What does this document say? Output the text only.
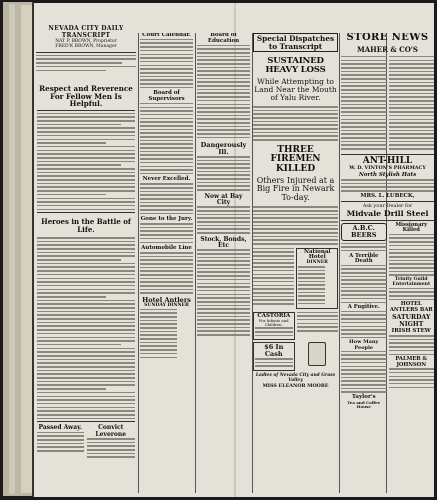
NEVADA CITY DAILY TRANSCRIPT
NAT P. BROWN, Proprietor
FRED'K BROWN, Manager
Respect and Reverence For Fellow Men Is Helpful.
Heroes in the Battle of Life.
Passed Away.	Convict Leverone
Court Calendar.
Board of Supervisors
Never Excelled.
Gone to the Jury.
Automobile Line
Hotel Antlers
SUNDAY DINNER
Board of Education
Dangerously Ill.
Now at Bay City
Stock, Bonds, Etc
Special Dispatches to Transcript
SUSTAINED HEAVY LOSS
While Attempting to Land Near the Mouth of Yalu River.
THREE FIREMEN KILLED
Others Injured at a Big Fire in Newark To-day.
National Hotel
DINNER
CASTORIA
For Infants and Children.
$6 In Cash
Ladies of Nevada City and Grass Valley
MISS ELEANOR MOORE
STORE NEWS
MAHER & CO'S
ANT-HILL
W. D. VINTON'S PHARMACY
North Stylish Hats
MRS. L. LUBECK,
Ask your Dealer for
Midvale Drill Steel
A.B.C. BEERS
A Terrible Death
A Fugitive.
How Many People
Taylor's
Tea and Coffee House
Missionary Killed
Trinity Guild Entertainment
HOTEL ANTLERS BAR
SATURDAY NIGHT
IRISH STEW
PALMER & JOHNSON
